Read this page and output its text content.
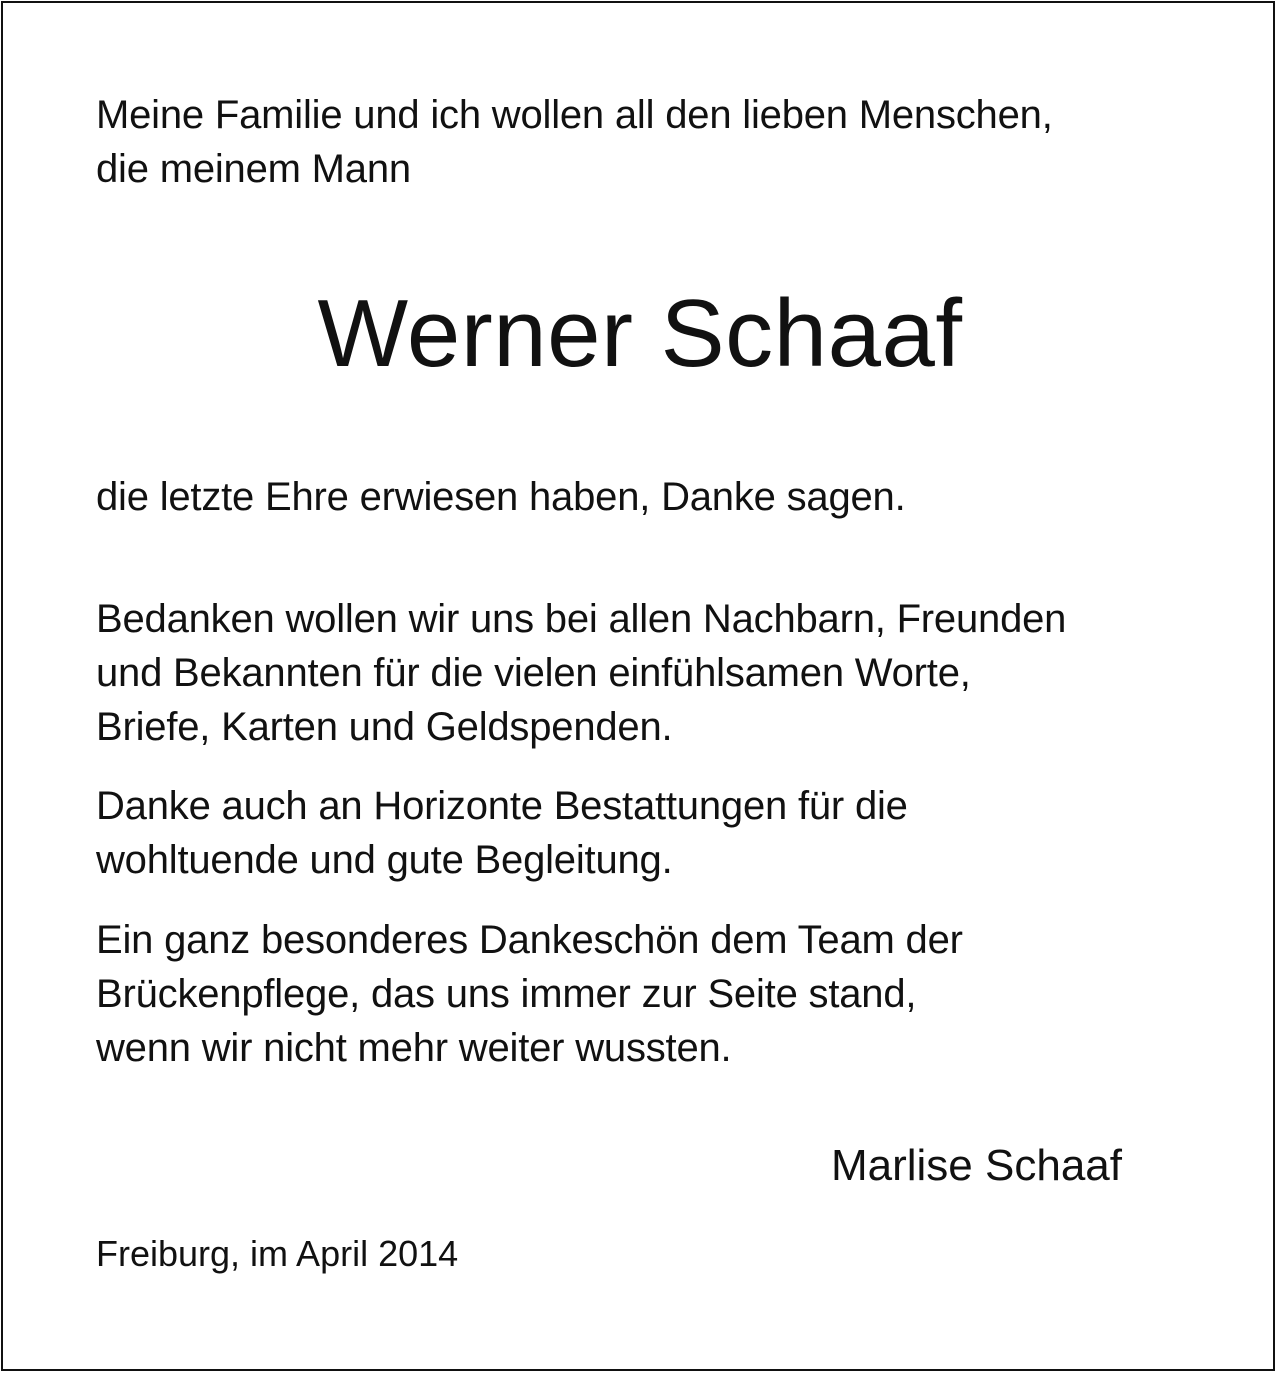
Meine Familie und ich wollen all den lieben Menschen,
die meinem Mann

Werner Schaaf

die letzte Ehre erwiesen haben, Danke sagen.

Bedanken wollen wir uns bei allen Nachbarn, Freunden
und Bekannten für die vielen einfühlsamen Worte,
Briefe, Karten und Geldspenden.

Danke auch an Horizonte Bestattungen für die
wohltuende und gute Begleitung.

Ein ganz besonderes Dankeschön dem Team der
Brückenpflege, das uns immer zur Seite stand,
wenn wir nicht mehr weiter wussten.

Marlise Schaaf

Freiburg, im April 2014
